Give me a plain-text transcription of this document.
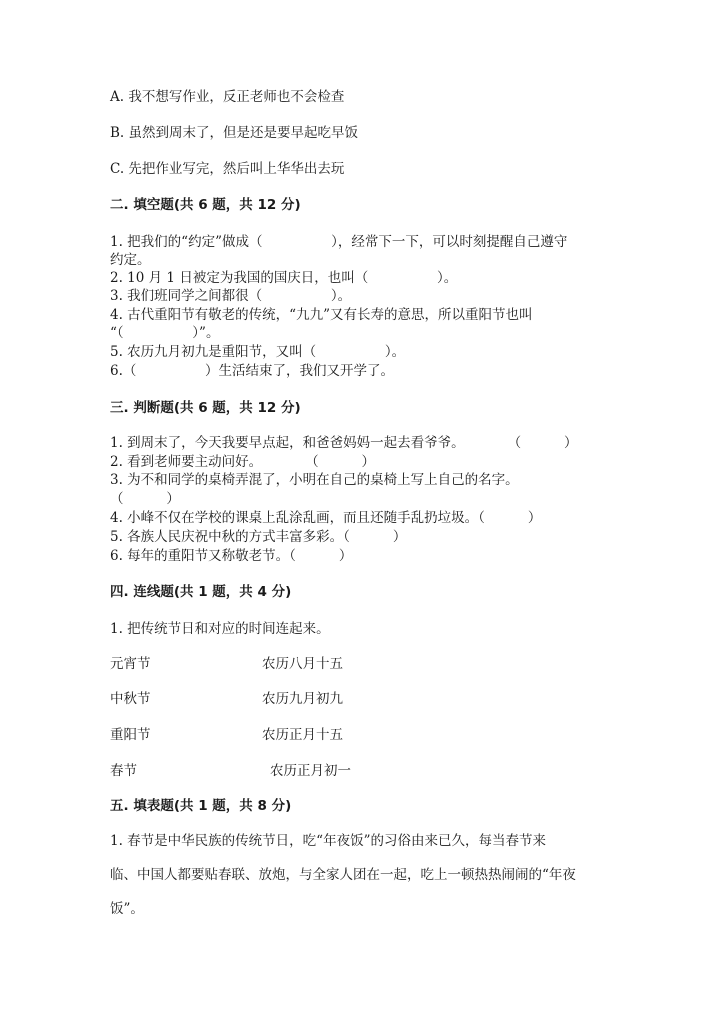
A. 我不想写作业，反正老师也不会检查
B. 虽然到周末了，但是还是要早起吃早饭
C. 先把作业写完，然后叫上华华出去玩
二. 填空题(共 6 题，共 12 分)
1. 把我们的“约定”做成（                ），经常下一下，可以时刻提醒自己遵守
约定。
2. 10 月 1 日被定为我国的国庆日，也叫（                ）。
3. 我们班同学之间都很（                ）。
4. 古代重阳节有敬老的传统，“九九”又有长寿的意思，所以重阳节也叫
“（                ）”。
5. 农历九月初九是重阳节，又叫（                ）。
6.（                ）生活结束了，我们又开学了。
三. 判断题(共 6 题，共 12 分)
1. 到周末了，今天我要早点起，和爸爸妈妈一起去看爷爷。          （          ）
2. 看到老师要主动问好。          （          ）
3. 为不和同学的桌椅弄混了，小明在自己的桌椅上写上自己的名字。
（          ）
4. 小峰不仅在学校的课桌上乱涂乱画，而且还随手乱扔垃圾。（          ）
5. 各族人民庆祝中秋的方式丰富多彩。（          ）
6. 每年的重阳节又称敬老节。（          ）
四. 连线题(共 1 题，共 4 分)
1. 把传统节日和对应的时间连起来。
元宵节	农历八月十五
中秋节	农历九月初九
重阳节	农历正月十五
春节	农历正月初一
五. 填表题(共 1 题，共 8 分)
1. 春节是中华民族的传统节日，吃“年夜饭”的习俗由来已久，每当春节来
临、中国人都要贴春联、放炮，与全家人团在一起，吃上一顿热热闹闹的“年夜
饭”。
